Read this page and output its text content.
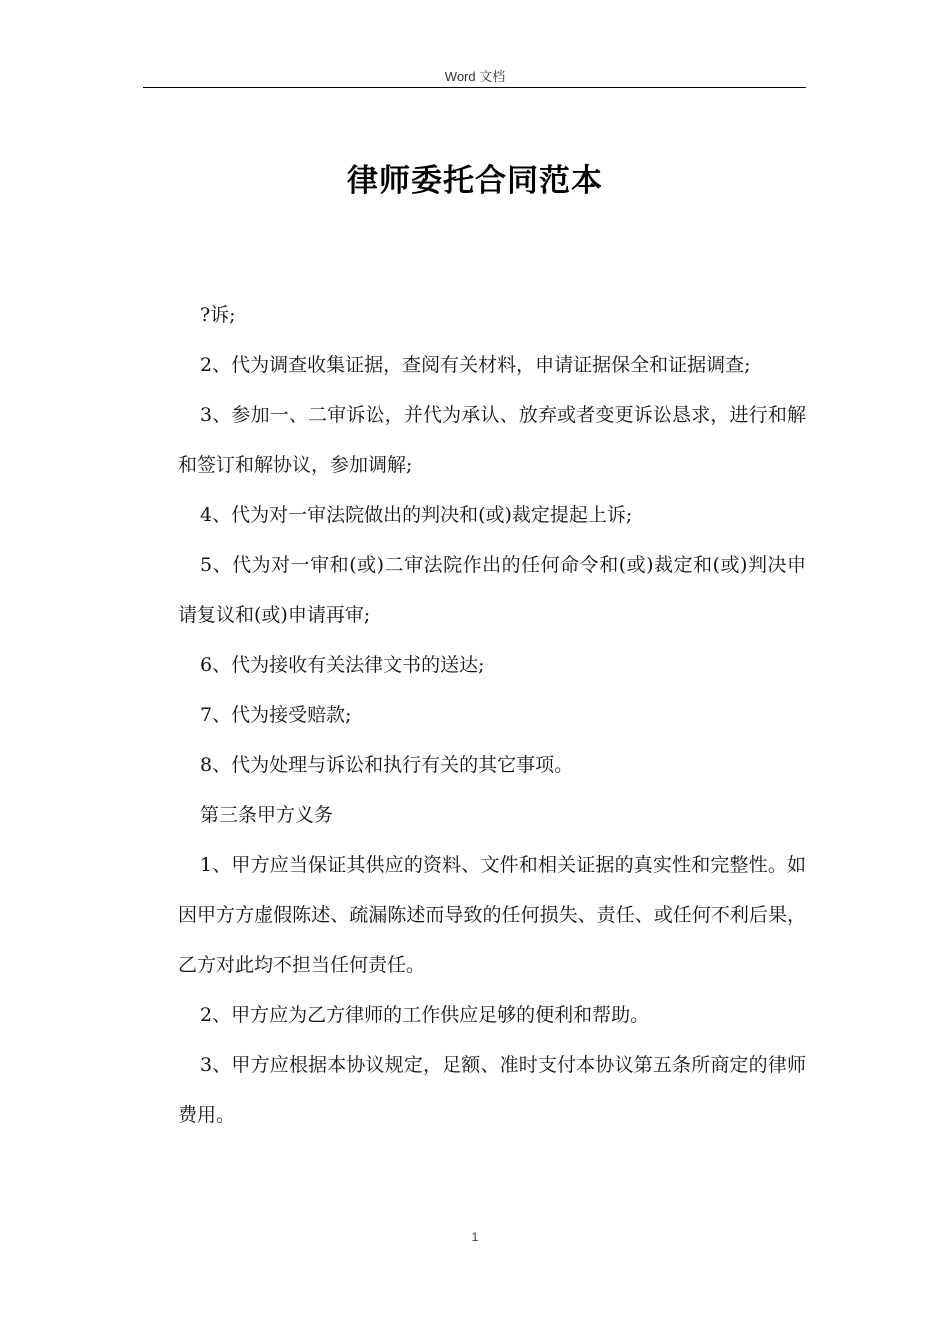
Word 文档
律师委托合同范本

?诉;

2、代为调查收集证据，查阅有关材料，申请证据保全和证据调查;

3、参加一、二审诉讼，并代为承认、放弃或者变更诉讼恳求，进行和解和签订和解协议，参加调解;

4、代为对一审法院做出的判决和(或)裁定提起上诉;

5、代为对一审和(或)二审法院作出的任何命令和(或)裁定和(或)判决申请复议和(或)申请再审;

6、代为接收有关法律文书的送达;

7、代为接受赔款;

8、代为处理与诉讼和执行有关的其它事项。

第三条甲方义务

1、甲方应当保证其供应的资料、文件和相关证据的真实性和完整性。如因甲方方虚假陈述、疏漏陈述而导致的任何损失、责任、或任何不利后果，乙方对此均不担当任何责任。

2、甲方应为乙方律师的工作供应足够的便利和帮助。

3、甲方应根据本协议规定，足额、准时支付本协议第五条所商定的律师费用。

1
